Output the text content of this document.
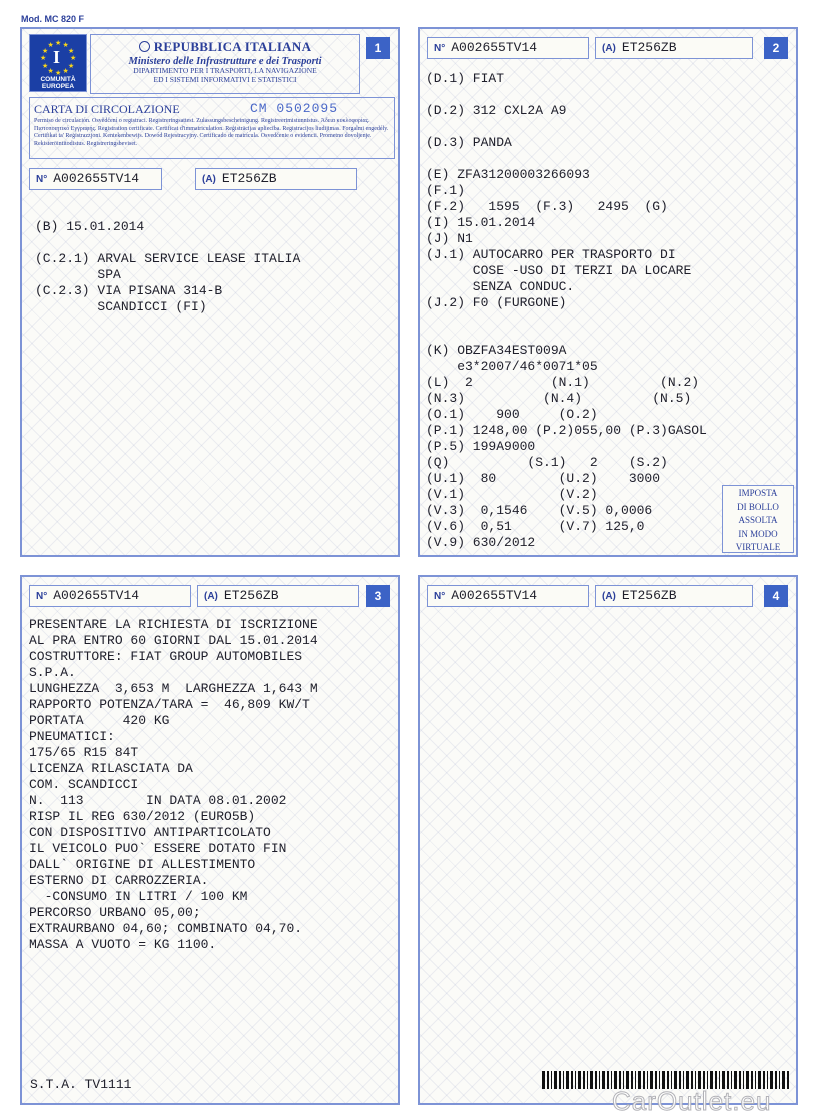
Mod. MC 820 F
★
★
★
★
★
★
★
★
★ ★ ★
★
I
COMUNITÀ
EUROPEA
REPUBBLICA ITALIANA
Ministero delle Infrastrutture e dei Trasporti
DIPARTIMENTO PER I TRASPORTI, LA NAVIGAZIONE
ED I SISTEMI INFORMATIVI E STATISTICI
1
CARTA DI CIRCOLAZIONE	CM 0502095
Permiso de circulación. Osvědčení o registraci. Registreringsattest. Zulassungsbescheinigung. Registreerimistunnistus. Άδεια κυκλοφορίας. Πιστοποιητικό Εγγραφής. Registration certificate. Certificat d'immatriculation. Reģistrācijas apliecība. Registracijos liudijimas. Forgalmi engedély. Certifikat ta' Reġistrazzjoni. Kentekenbewijs. Dowód Rejestracyjny. Certificado de matrícula. Osvedčenie o evidencii. Prometno dovoljenje. Rekisteröintitodistus. Registreringsbeviset.
N° A002655TV14	(A) ET256ZB
(B) 15.01.2014

(C.2.1) ARVAL SERVICE LEASE ITALIA
SPA
(C.2.3) VIA PISANA 314-B
SCANDICCI (FI)
N° A002655TV14	(A) ET256ZB	2
(D.1) FIAT

(D.2) 312 CXL2A A9

(D.3) PANDA

(E) ZFA31200003266093
(F.1)
(F.2)   1595  (F.3)   2495  (G)
(I) 15.01.2014
(J) N1
(J.1) AUTOCARRO PER TRASPORTO DI
COSE -USO DI TERZI DA LOCARE
SENZA CONDUC.
(J.2) F0 (FURGONE)

(K) OBZFA34EST009A
e3*2007/46*0071*05
(L)  2          (N.1)         (N.2)
(N.3)          (N.4)         (N.5)
(O.1)    900     (O.2)
(P.1) 1248,00 (P.2)055,00 (P.3)GASOL
(P.5) 199A9000
(Q)          (S.1)   2    (S.2)
(U.1)  80        (U.2)    3000
(V.1)            (V.2)
(V.3)  0,1546    (V.5) 0,0006
(V.6)  0,51      (V.7) 125,0
(V.9) 630/2012
IMPOSTA
DI BOLLO
ASSOLTA
IN MODO
VIRTUALE
N° A002655TV14	(A) ET256ZB	3
PRESENTARE LA RICHIESTA DI ISCRIZIONE
AL PRA ENTRO 60 GIORNI DAL 15.01.2014
COSTRUTTORE: FIAT GROUP AUTOMOBILES
S.P.A.
LUNGHEZZA  3,653 M  LARGHEZZA 1,643 M
RAPPORTO POTENZA/TARA =  46,809 KW/T
PORTATA     420 KG
PNEUMATICI:
175/65 R15 84T
LICENZA RILASCIATA DA
COM. SCANDICCI
N.  113        IN DATA 08.01.2002
RISP IL REG 630/2012 (EURO5B)
CON DISPOSITIVO ANTIPARTICOLATO
IL VEICOLO PUO` ESSERE DOTATO FIN
DALL` ORIGINE DI ALLESTIMENTO
ESTERNO DI CARROZZERIA.
-CONSUMO IN LITRI / 100 KM
PERCORSO URBANO 05,00;
EXTRAURBANO 04,60; COMBINATO 04,70.
MASSA A VUOTO = KG 1100.
S.T.A. TV1111
N° A002655TV14	(A) ET256ZB	4
CarOutlet.eu
